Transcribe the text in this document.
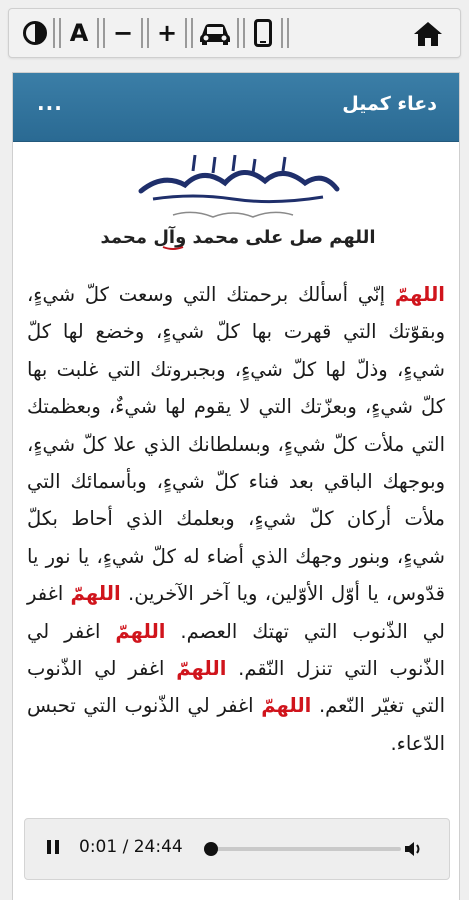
A	− +
...	دعاء كميل
اللهم صل على محمد وآل محمد
اللهمّ إنّي أسألك برحمتك التي وسعت كلّ شيءٍ، وبقوّتك التي قهرت بها كلّ شيءٍ، وخضع لها كلّ شيءٍ، وذلّ لها كلّ شيءٍ، وبجبروتك التي غلبت بها كلّ شيءٍ، وبعزّتك التي لا يقوم لها شيءٌ، وبعظمتك التي ملأت كلّ شيءٍ، وبسلطانك الذي علا كلّ شيءٍ، وبوجهك الباقي بعد فناء كلّ شيءٍ، وبأسمائك التي ملأت أركان كلّ شيءٍ، وبعلمك الذي أحاط بكلّ شيءٍ، وبنور وجهك الذي أضاء له كلّ شيءٍ، يا نور يا قدّوس، يا أوّل الأوّلين، ويا آخر الآخرين. اللهمّ اغفر لي الذّنوب التي تهتك العصم. اللهمّ اغفر لي الذّنوب التي تنزل النّقم. اللهمّ اغفر لي الذّنوب التي تغيّر النّعم. اللهمّ اغفر لي الذّنوب التي تحبس الدّعاء.
0:01 / 24:44
